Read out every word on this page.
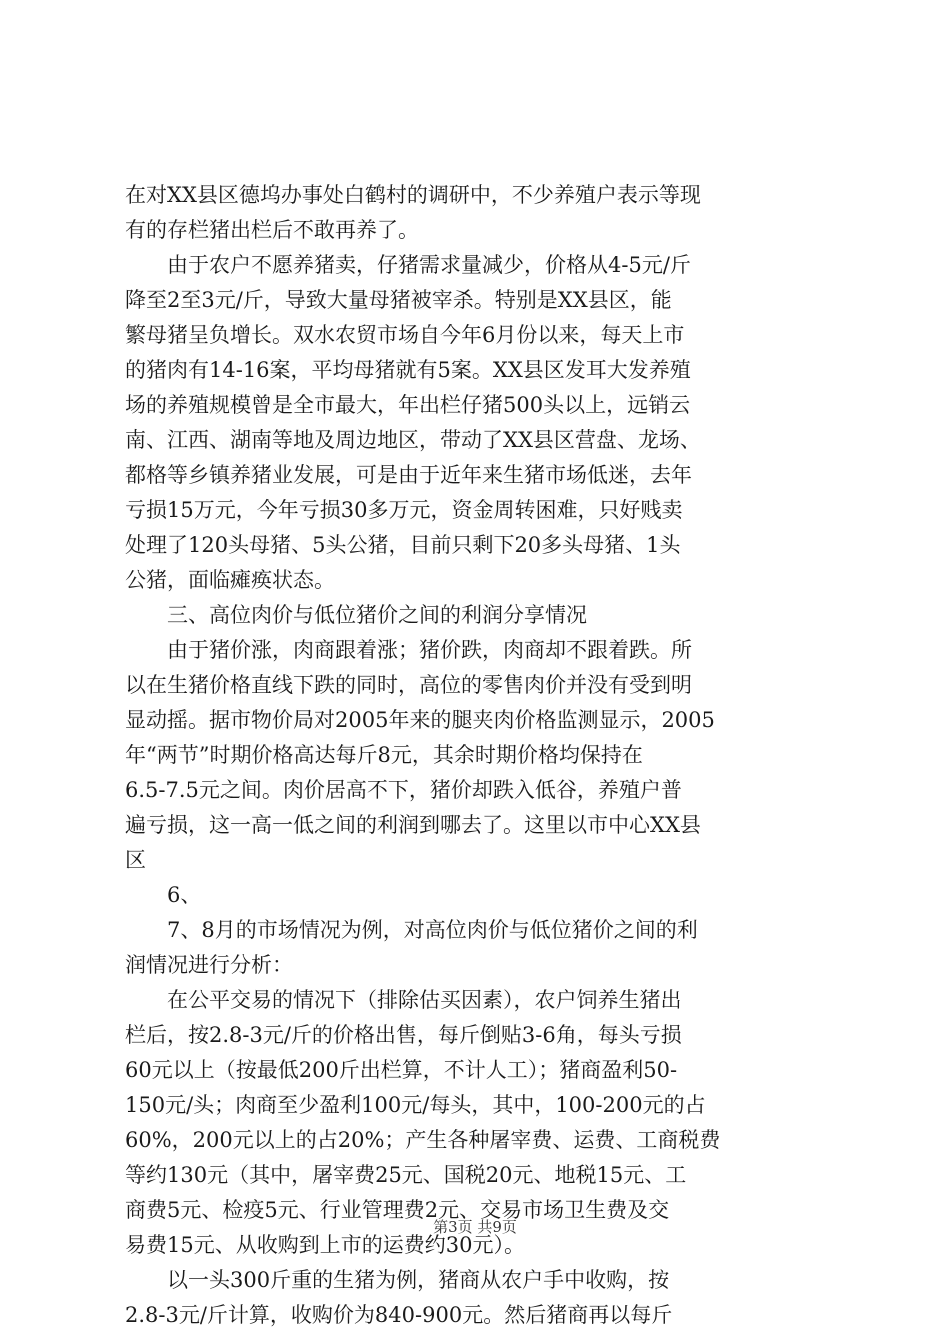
在对XX县区德坞办事处白鹤村的调研中，不少养殖户表示等现
有的存栏猪出栏后不敢再养了。
　　由于农户不愿养猪卖，仔猪需求量减少，价格从4-5元/斤
降至2至3元/斤，导致大量母猪被宰杀。特别是XX县区，能
繁母猪呈负增长。双水农贸市场自今年6月份以来，每天上市
的猪肉有14-16案，平均母猪就有5案。XX县区发耳大发养殖
场的养殖规模曾是全市最大，年出栏仔猪500头以上，远销云
南、江西、湖南等地及周边地区，带动了XX县区营盘、龙场、
都格等乡镇养猪业发展，可是由于近年来生猪市场低迷，去年
亏损15万元，今年亏损30多万元，资金周转困难，只好贱卖
处理了120头母猪、5头公猪，目前只剩下20多头母猪、1头
公猪，面临瘫痪状态。
　　三、高位肉价与低位猪价之间的利润分享情况
　　由于猪价涨，肉商跟着涨；猪价跌，肉商却不跟着跌。所
以在生猪价格直线下跌的同时，高位的零售肉价并没有受到明
显动摇。据市物价局对2005年来的腿夹肉价格监测显示，2005
年“两节”时期价格高达每斤8元，其余时期价格均保持在
6.5-7.5元之间。肉价居高不下，猪价却跌入低谷，养殖户普
遍亏损，这一高一低之间的利润到哪去了。这里以市中心XX县
区
　　6、
　　7、8月的市场情况为例，对高位肉价与低位猪价之间的利
润情况进行分析：
　　在公平交易的情况下（排除估买因素），农户饲养生猪出
栏后，按2.8-3元/斤的价格出售，每斤倒贴3-6角，每头亏损
60元以上（按最低200斤出栏算，不计人工）；猪商盈利50-
150元/头；肉商至少盈利100元/每头，其中，100-200元的占
60%，200元以上的占20%；产生各种屠宰费、运费、工商税费
等约130元（其中，屠宰费25元、国税20元、地税15元、工
商费5元、检疫5元、行业管理费2元、交易市场卫生费及交
易费15元、从收购到上市的运费约30元）。
　　以一头300斤重的生猪为例，猪商从农户手中收购，按
2.8-3元/斤计算，收购价为840-900元。然后猪商再以每斤
第3页 共9页
